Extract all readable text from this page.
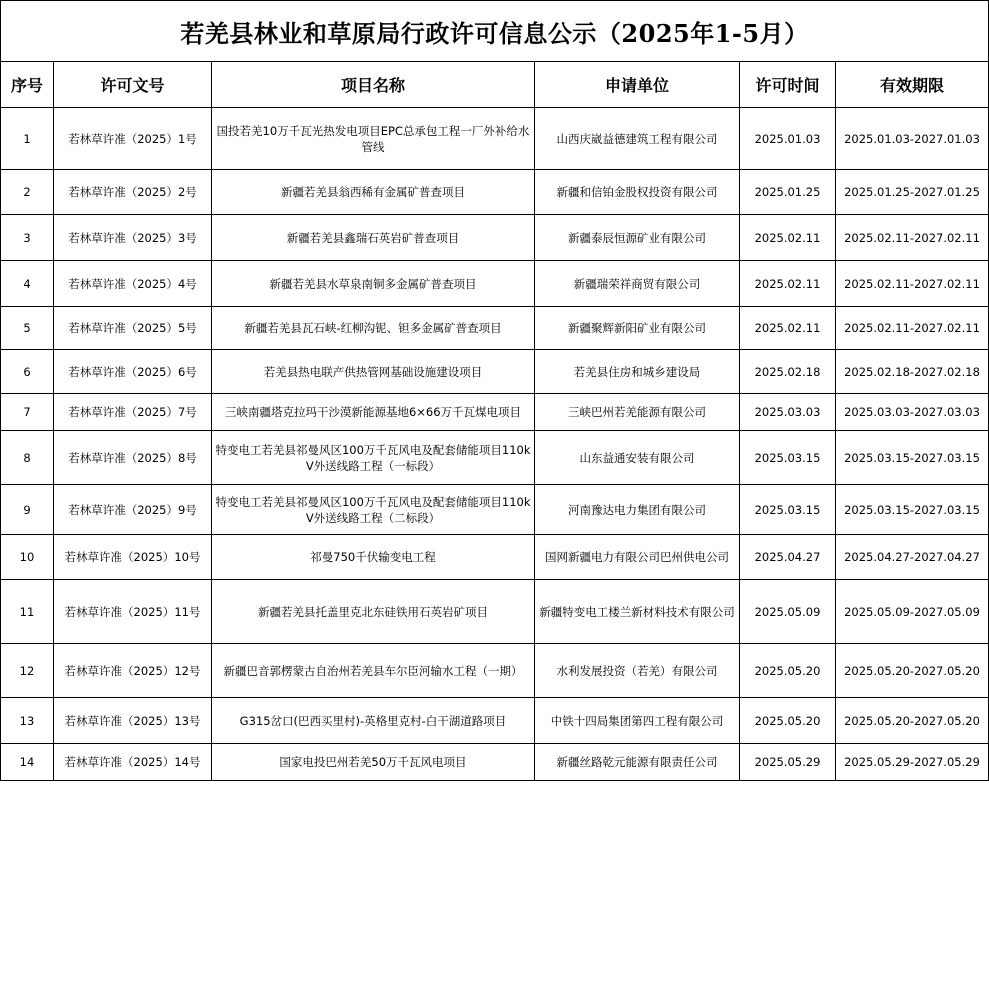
若羌县林业和草原局行政许可信息公示（2025年1-5月）					
序号	许可文号	项目名称	申请单位	许可时间	有效期限
1	若林草许准（2025）1号	国投若羌10万千瓦光热发电项目EPC总承包工程一厂外补给水管线	山西庆崴益德建筑工程有限公司	2025.01.03	2025.01.03-2027.01.03
2	若林草许准（2025）2号	新疆若羌县翁西稀有金属矿普查项目	新疆和信铂金股权投资有限公司	2025.01.25	2025.01.25-2027.01.25
3	若林草许准（2025）3号	新疆若羌县鑫瑞石英岩矿普查项目	新疆泰辰恒源矿业有限公司	2025.02.11	2025.02.11-2027.02.11
4	若林草许准（2025）4号	新疆若羌县水草泉南铜多金属矿普查项目	新疆瑞荣祥商贸有限公司	2025.02.11	2025.02.11-2027.02.11
5	若林草许准（2025）5号	新疆若羌县瓦石峡-红柳沟铌、钽多金属矿普查项目	新疆聚辉新阳矿业有限公司	2025.02.11	2025.02.11-2027.02.11
6	若林草许准（2025）6号	若羌县热电联产供热管网基础设施建设项目	若羌县住房和城乡建设局	2025.02.18	2025.02.18-2027.02.18
7	若林草许准（2025）7号	三峡南疆塔克拉玛干沙漠新能源基地6×66万千瓦煤电项目	三峡巴州若羌能源有限公司	2025.03.03	2025.03.03-2027.03.03
8	若林草许准（2025）8号	特变电工若羌县祁曼风区100万千瓦风电及配套储能项目110kV外送线路工程（一标段）	山东益通安装有限公司	2025.03.15	2025.03.15-2027.03.15
9	若林草许准（2025）9号	特变电工若羌县祁曼风区100万千瓦风电及配套储能项目110kV外送线路工程（二标段）	河南豫达电力集团有限公司	2025.03.15	2025.03.15-2027.03.15
10	若林草许准（2025）10号	祁曼750千伏输变电工程	国网新疆电力有限公司巴州供电公司	2025.04.27	2025.04.27-2027.04.27
11	若林草许准（2025）11号	新疆若羌县托盖里克北东硅铁用石英岩矿项目	新疆特变电工楼兰新材料技术有限公司	2025.05.09	2025.05.09-2027.05.09
12	若林草许准（2025）12号	新疆巴音郭楞蒙古自治州若羌县车尔臣河输水工程（一期）	水利发展投资（若羌）有限公司	2025.05.20	2025.05.20-2027.05.20
13	若林草许准（2025）13号	G315岔口(巴西买里村)-英格里克村-白干湖道路项目	中铁十四局集团第四工程有限公司	2025.05.20	2025.05.20-2027.05.20
14	若林草许准（2025）14号	国家电投巴州若羌50万千瓦风电项目	新疆丝路乾元能源有限责任公司	2025.05.29	2025.05.29-2027.05.29
